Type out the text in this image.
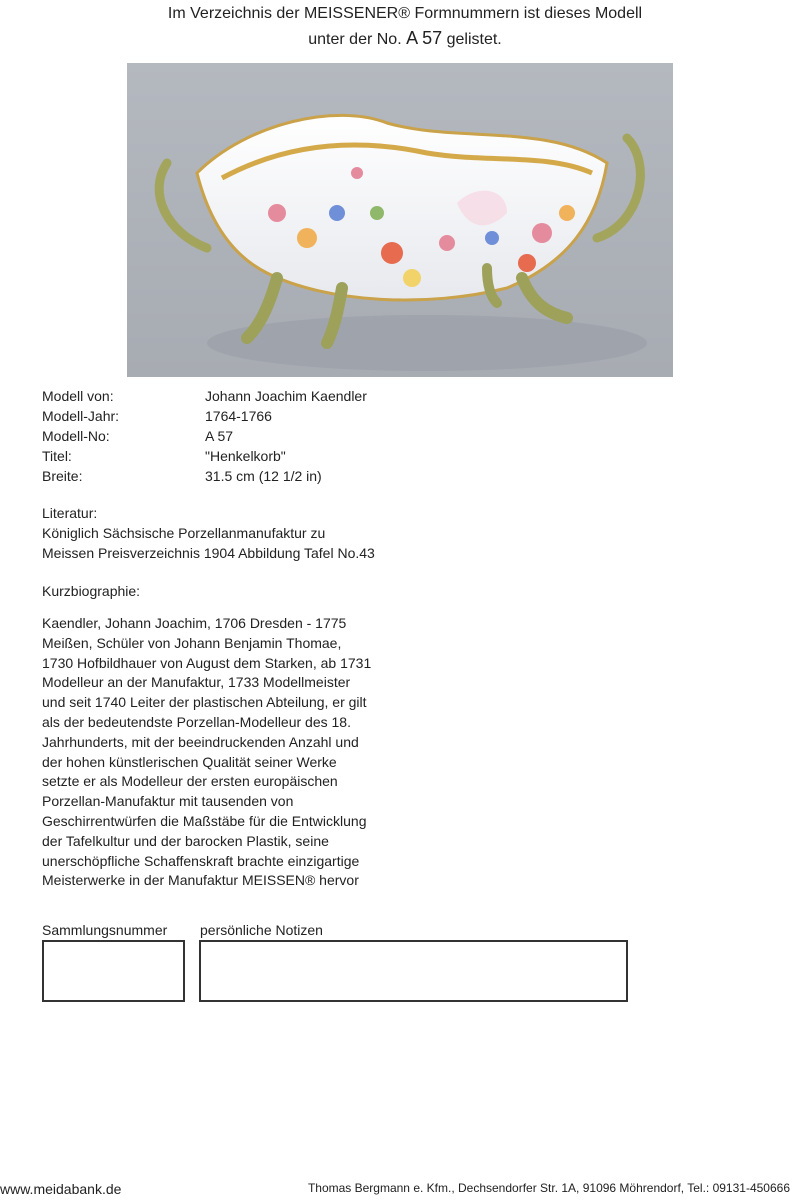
Im Verzeichnis der MEISSENER® Formnummern ist dieses Modell
unter der No. A 57 gelistet.
Modell von:	Johann Joachim Kaendler
Modell-Jahr:	1764-1766
Modell-No:	A 57
Titel:	"Henkelkorb"
Breite:	31.5 cm (12 1/2 in)
Literatur:
Königlich Sächsische Porzellanmanufaktur zu
Meissen Preisverzeichnis 1904 Abbildung Tafel No.43
Kurzbiographie:
Kaendler, Johann Joachim, 1706 Dresden - 1775
Meißen, Schüler von Johann Benjamin Thomae,
1730 Hofbildhauer von August dem Starken, ab 1731
Modelleur an der Manufaktur, 1733 Modellmeister
und seit 1740 Leiter der plastischen Abteilung, er gilt
als der bedeutendste Porzellan-Modelleur des 18.
Jahrhunderts, mit der beeindruckenden Anzahl und
der hohen künstlerischen Qualität seiner Werke
setzte er als Modelleur der ersten europäischen
Porzellan-Manufaktur mit tausenden von
Geschirrentwürfen die Maßstäbe für die Entwicklung
der Tafelkultur und der barocken Plastik, seine
unerschöpfliche Schaffenskraft brachte einzigartige
Meisterwerke in der Manufaktur MEISSEN® hervor
Sammlungsnummer persönliche Notizen
www.meidabank.de	Thomas Bergmann e. Kfm., Dechsendorfer Str. 1A, 91096 Möhrendorf, Tel.: 09131-450666
